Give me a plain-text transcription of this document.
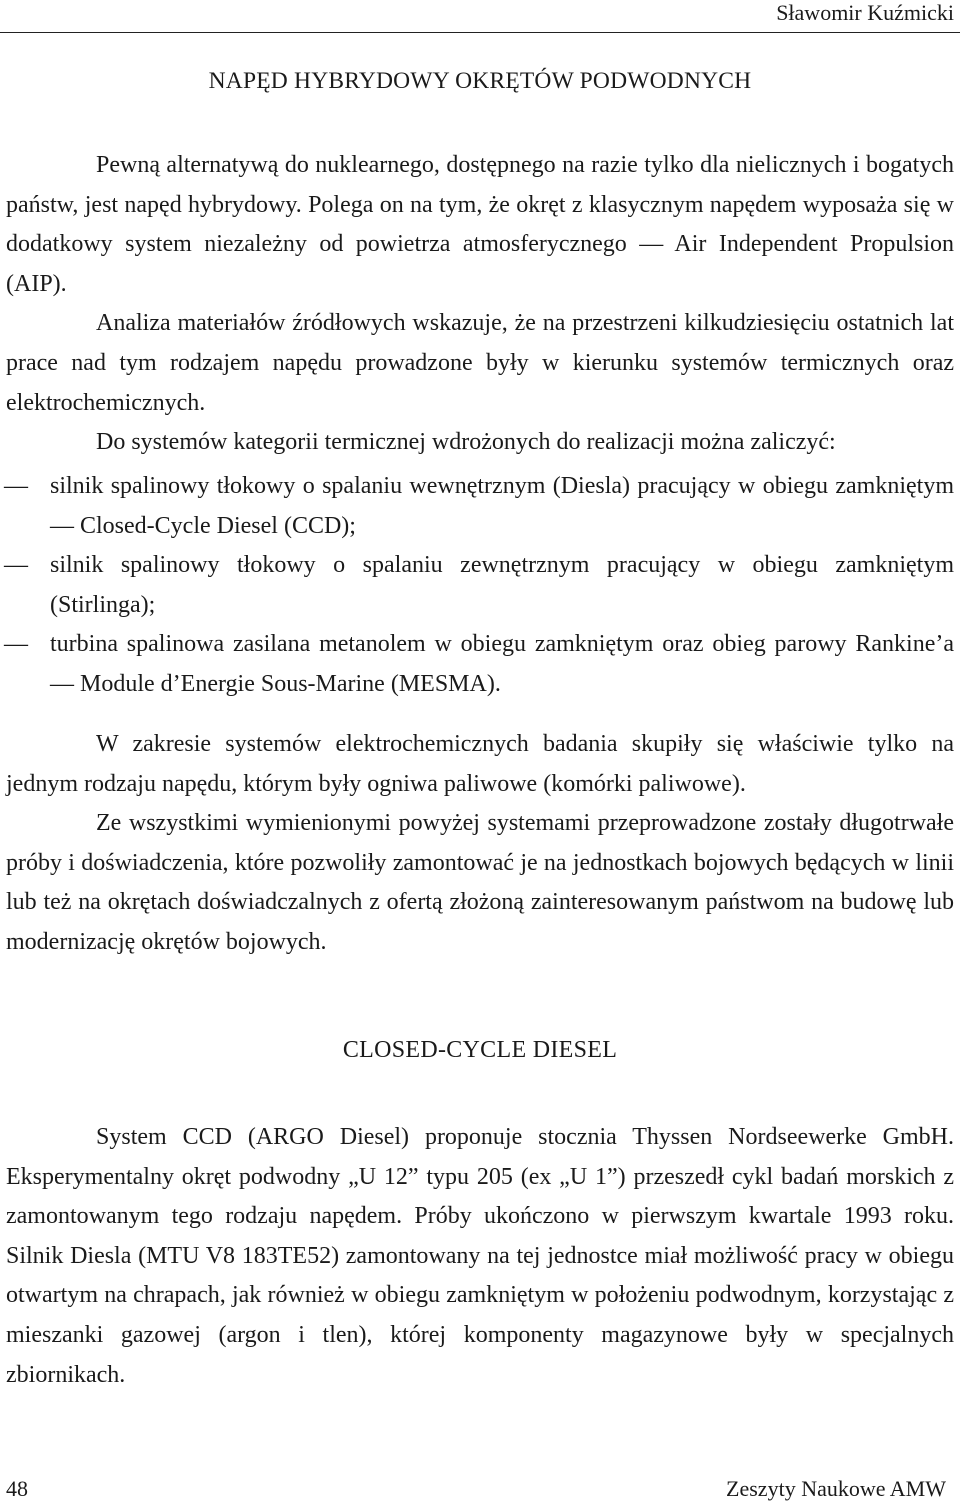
Sławomir Kuźmicki
NAPĘD HYBRYDOWY OKRĘTÓW PODWODNYCH

Pewną alternatywą do nuklearnego, dostępnego na razie tylko dla nielicznych i bogatych państw, jest napęd hybrydowy. Polega on na tym, że okręt z klasycznym napędem wyposaża się w dodatkowy system niezależny od powietrza atmosferycznego — Air Independent Propulsion (AIP).

Analiza materiałów źródłowych wskazuje, że na przestrzeni kilkudziesięciu ostatnich lat prace nad tym rodzajem napędu prowadzone były w kierunku systemów termicznych oraz elektrochemicznych.

Do systemów kategorii termicznej wdrożonych do realizacji można zaliczyć:

— silnik spalinowy tłokowy o spalaniu wewnętrznym (Diesla) pracujący w obiegu zamkniętym — Closed-Cycle Diesel (CCD);
— silnik spalinowy tłokowy o spalaniu zewnętrznym pracujący w obiegu zamkniętym (Stirlinga);
— turbina spalinowa zasilana metanolem w obiegu zamkniętym oraz obieg parowy Rankine’a — Module d’Energie Sous-Marine (MESMA).

W zakresie systemów elektrochemicznych badania skupiły się właściwie tylko na jednym rodzaju napędu, którym były ogniwa paliwowe (komórki paliwowe).

Ze wszystkimi wymienionymi powyżej systemami przeprowadzone zostały długotrwałe próby i doświadczenia, które pozwoliły zamontować je na jednostkach bojowych będących w linii lub też na okrętach doświadczalnych z ofertą złożoną zainteresowanym państwom na budowę lub modernizację okrętów bojowych.

CLOSED-CYCLE DIESEL

System CCD (ARGO Diesel) proponuje stocznia Thyssen Nordseewerke GmbH. Eksperymentalny okręt podwodny „U 12” typu 205 (ex „U 1”) przeszedł cykl badań morskich z zamontowanym tego rodzaju napędem. Próby ukończono w pierwszym kwartale 1993 roku. Silnik Diesla (MTU V8 183TE52) zamontowany na tej jednostce miał możliwość pracy w obiegu otwartym na chrapach, jak również w obiegu zamkniętym w położeniu podwodnym, korzystając z mieszanki gazowej (argon i tlen), której komponenty magazynowe były w specjalnych zbiornikach.

48	Zeszyty Naukowe AMW
